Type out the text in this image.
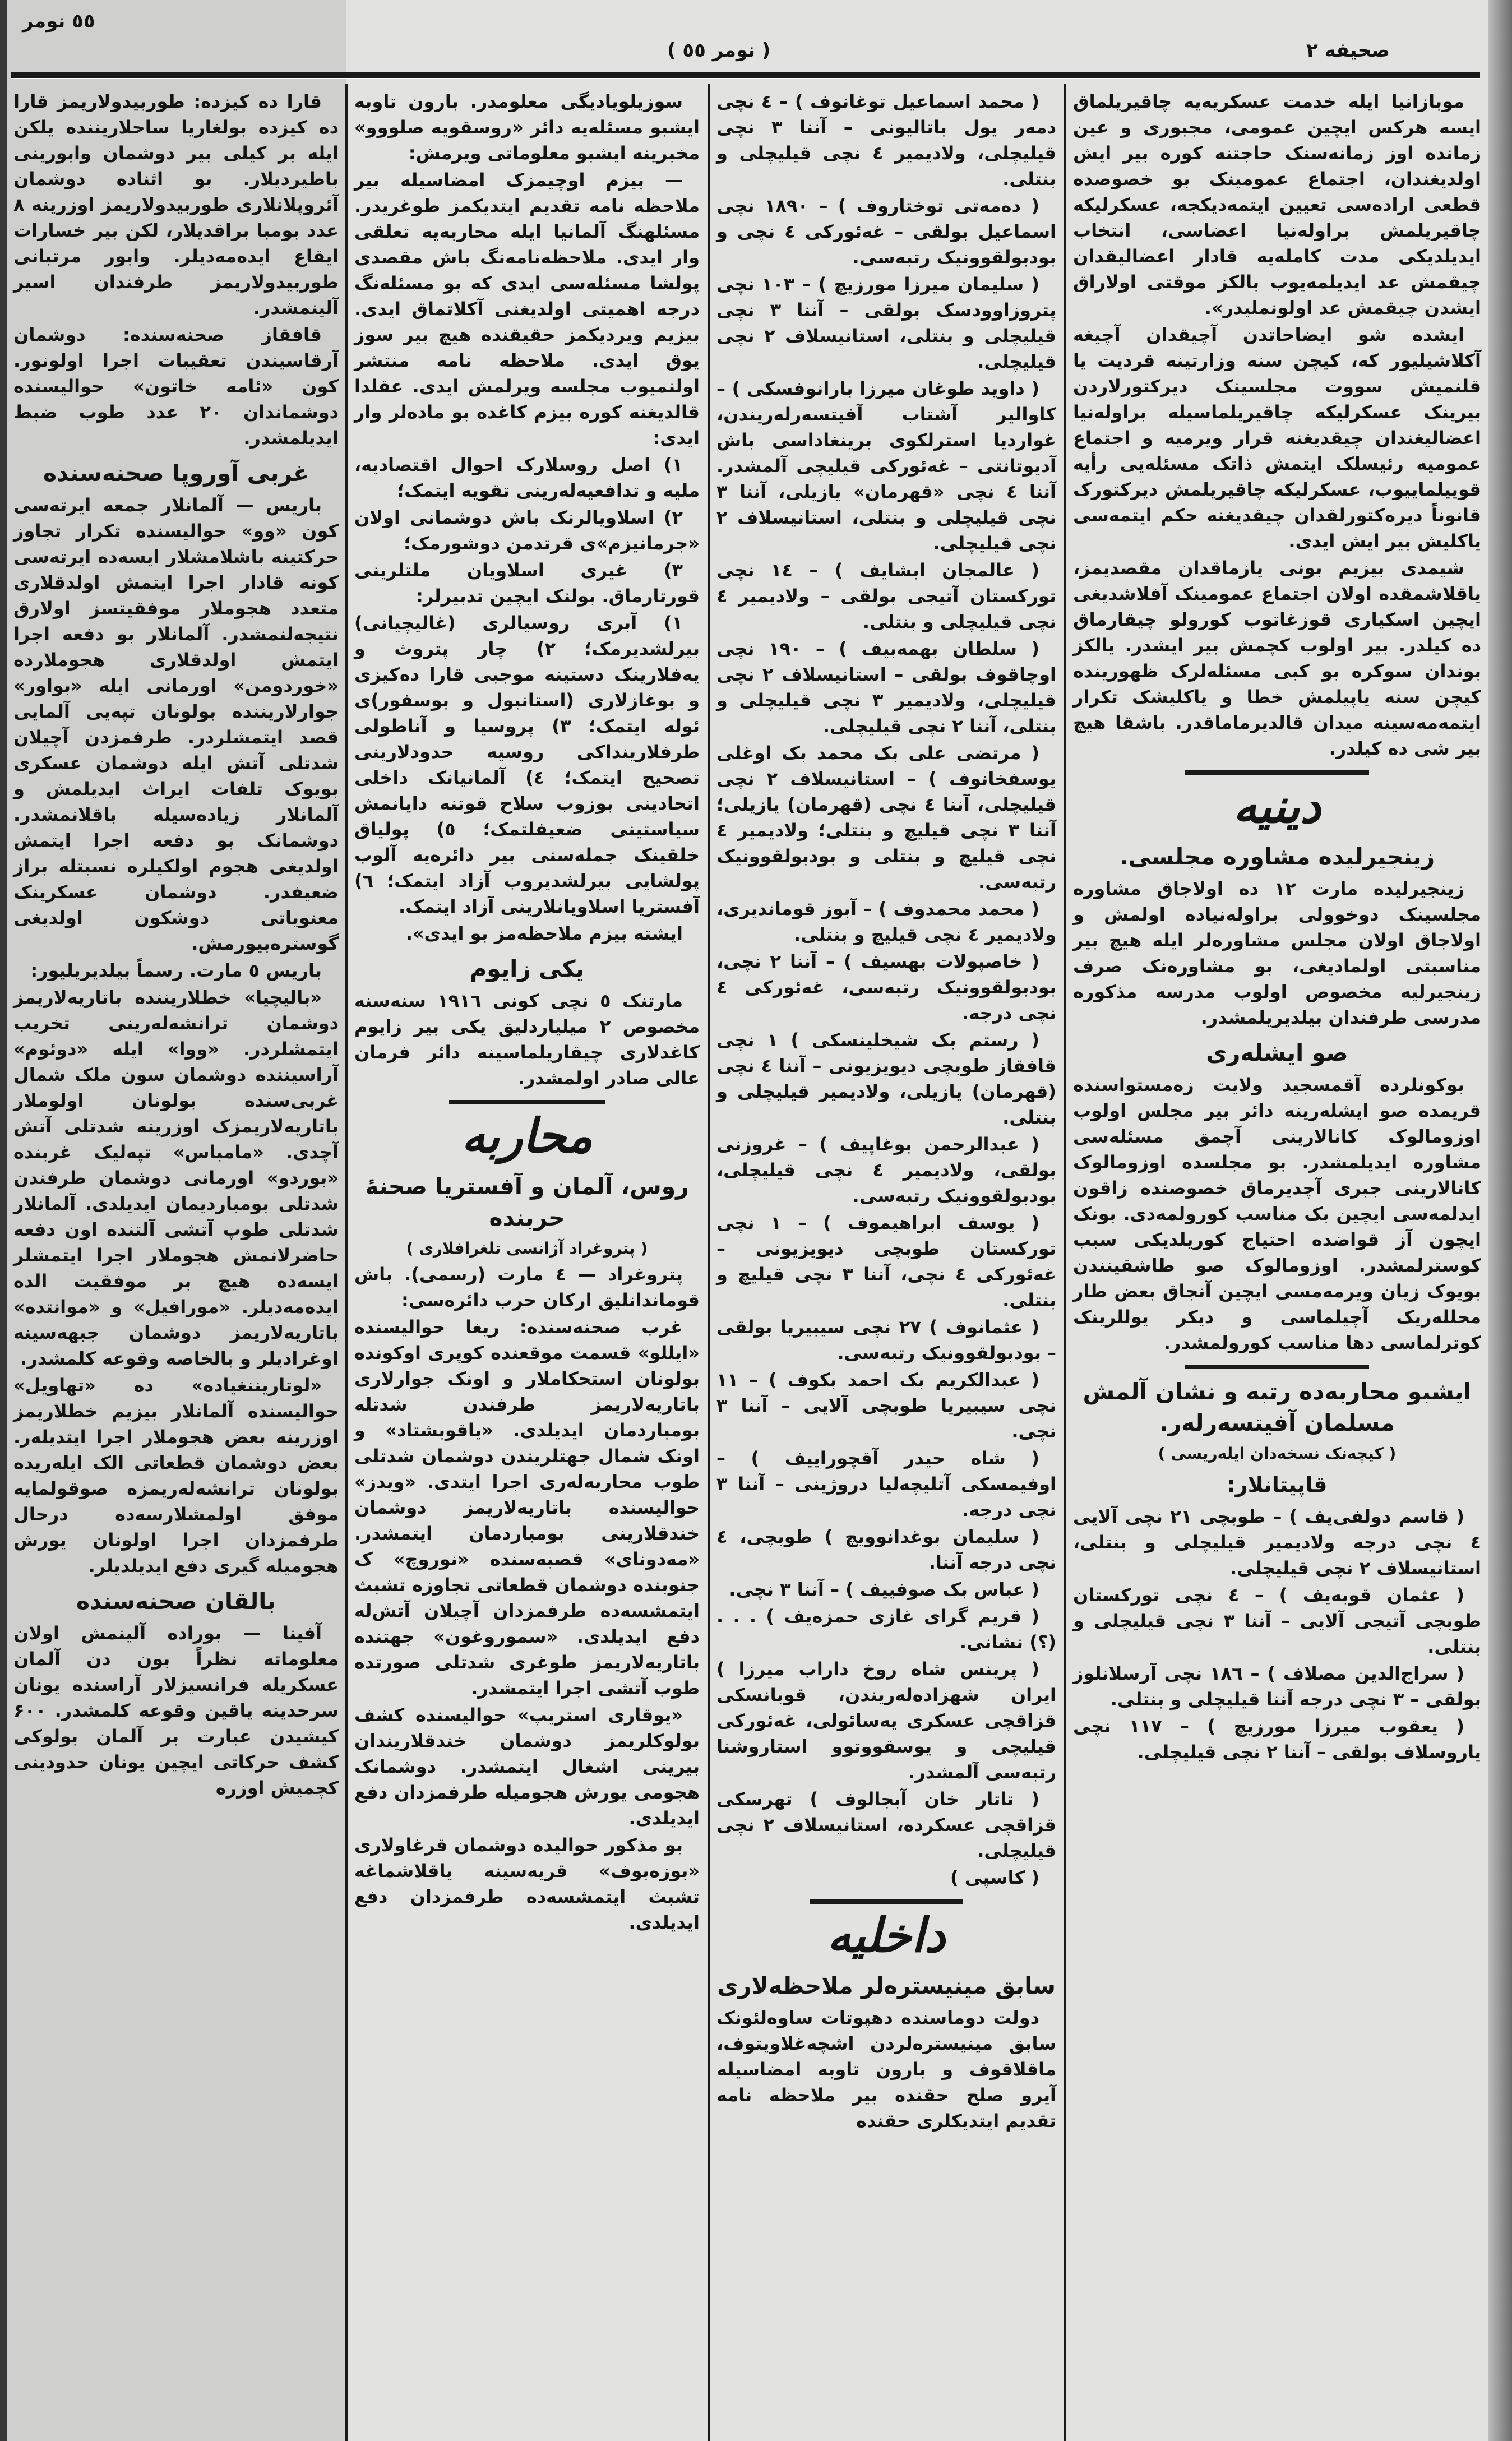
٥٥ نومر
( نومر ٥٥ )	صحیفه ۲

قارا ده کیزده: طوربیدولاریمز قارا ده کیزده بولغاریا ساحلاریننده یلکن ایله بر کیلی بیر دوشمان وابورینی باطیردیلار. بو اثناده دوشمان آئروپلانلاری طوربیدولاریمز اوزرینه ۸ عدد بومبا براقدیلار، لکن بیر خسارات ایقاع ایده‌مه‌دیلر. وابور مرتبانی طوربیدولاریمز طرفندان اسیر آلینمشدر.

قافقاز صحنه‌سنده: دوشمان آرقاسیندن تعقیبات اجرا اولونور. کون «ئامه خاتون» حوالیسنده دوشماندان ۲۰ عدد طوب ضبط ایدیلمشدر.

غربی آوروپا صحنه‌سنده

باریس — آلمانلار جمعه ایرته‌سی کون «وو» حوالیسنده تکرار تجاوز حرکتینه باشلامشلار ایسه‌ده ایرته‌سی کونه قادار اجرا ایتمش اولدقلاری متعدد هجوملار موفقیتسز اولارق نتیجه‌لنمشدر. آلمانلار بو دفعه اجرا ایتمش اولدقلاری هجوملارده «خوردومن» اورمانی ایله «بواور» جوارلاریننده بولونان تپه‌یی آلمایی قصد ایتمشلردر. طرفمزدن آچیلان شدتلی آتش ایله دوشمان عسکری بویوک تلفات ایراث ایدیلمش و آلمانلار زیاده‌سیله باقلانمشدر. دوشمانک بو دفعه اجرا ایتمش اولدیغی هجوم اولکیلره نسبتله براز ضعیفدر. دوشمان عسکرینک معنویاتی دوشکون اولدیغی گوستره‌بیورمش.

باریس ٥ مارت. رسماً بیلدیریلیور:

«بالیچیا» خطلاریننده باتاریه‌لاریمز دوشمان ترانشه‌له‌رینی تخریب ایتمشلردر. «ووا» ایله «دوئوم» آراسیننده دوشمان سون ملک شمال غربی‌سنده بولونان اولوملار باتاریه‌لاریمزک اوزرینه شدتلی آتش آچدی. «مامباس» تپه‌لیک غربنده «بوردو» اورمانی دوشمان طرفندن شدتلی بومباردیمان ایدیلدی. آلمانلار شدتلی طوپ آتشی آلتنده اون دفعه حاضرلانمش هجوملار اجرا ایتمشلر ایسه‌ده هیچ بر موفقیت الده ایده‌مه‌دیلر. «مورافیل» و «موانتده» باتاریه‌لاریمز دوشمان جبهه‌سینه اوغرادیلر و بالخاصه وقوعه کلمشدر.

«لوتاریننغیاده» ده «تهاویل» حوالیسنده آلمانلار بیزیم خطلاریمز اوزرینه بعض هجوملار اجرا ایتدیله‌ر. بعض دوشمان قطعاتی الک ایله‌ریده بولونان ترانشه‌له‌ریمزه صوقولمایه موفق اولمشلارسه‌ده درحال طرفمزدان اجرا اولونان یورش هجومیله گیری دفع ایدیلدیلر.

بالقان صحنه‌سنده

آفینا — بوراده آلینمش اولان معلوماته نظراً بون دن آلمان عسکریله فرانسیزلار آراسنده یونان سرحدینه یاقین وقوعه کلمشدر. ۶۰۰ کیشیدن عبارت بر آلمان بولوکی کشف حرکاتی ایچین یونان حدودینی کچمیش اوزره

سوزیلویادیگی معلومدر. بارون تاوبه ایشبو مسئله‌یه دائر «روسقویه صلووو» مخبرینه ایشبو معلوماتی ویرمش:

— بیزم اوچیمزک امضاسیله بیر ملاحظه نامه تقدیم ایتدیکمز طوغریدر. مسئلهنگ آلمانیا ایله محاربه‌یه تعلقی وار ایدی. ملاحظه‌نامه‌نگ باش مقصدی پولشا مسئله‌سی ایدی که بو مسئله‌نگ درجه اهمیتی اولدیغنی آکلاتماق ایدی. بیزیم ویردیکمز حقیقنده هیچ بیر سوز یوق ایدی. ملاحظه نامه منتشر اولنمیوب مجلسه ویرلمش ایدی. عقلدا قالدیغنه کوره بیزم کاغده بو ماده‌لر وار ایدی:

۱) اصل روسلارک احوال اقتصادیه، ملیه و تدافعیه‌له‌رینی تقویه ایتمک؛

۲) اسلاویالرنک باش دوشمانی اولان «جرمانیزم»ی قرتدمن دوشورمک؛

۳) غیری اسلاویان ملتلرینی قورتارماق. بولنک ایچین تدبیرلر:

۱) آبری روسیالری (غالیچیانی) بیرلشدیرمک؛ ۲) چار پتروث و یه‌فلارینک دستینه موجبی قارا ده‌کیزی و بوغازلاری (استانبول و بوسفور)ی ئوله ایتمک؛ ۳) پروسیا و آناطولی طرفلاریندا‌کی روسیه حدودلارینی تصحیح ایتمک؛ ٤) آلمانیانک داخلی اتحادینی بوزوب سلاح قوتنه دایانمش سیاستینی ضعیفلتمک؛ ٥) پولیاق خلقینک جمله‌سنی بیر دائره‌یه آلوب پولشایی بیرلشدیروب آزاد ایتمک؛ ٦) آفستریا اسلاویانلارینی آزاد ایتمک.

ایشته بیزم ملاحظه‌مز بو ایدی».

یکی زایوم

مارتنک ٥ نچی کونی ۱۹۱٦ سنه‌سنه مخصوص ۲ میلیاردلیق یکی بیر زایوم کاغدلاری چیقاریلماسینه دائر فرمان عالی صادر اولمشدر.

محاربه

روس، آلمان و آفستریا صحنهٔ حربنده

( پتروغراد آژانسی تلغرافلاری )

پتروغراد — ٤ مارت (رسمی). باش قوماندانلیق ارکان حرب دائره‌سی:

غرب صحنه‌سنده: ریغا حوالیسنده «ایللو» قسمت موقعنده کوپری اوکونده بولونان استحکاملار و اونک جوارلاری باتاریه‌لاریمز طرفندن شدتله بومباردمان ایدیلدی. «یاقوبشتاد» و اونک شمال جهتلریندن دوشمان شدتلی طوب محاربه‌له‌ری اجرا ایتدی. «ویدز» حوالیسنده باتاریه‌لاریمز دوشمان خندقلارینی بومباردمان ایتمشدر. «مه‌دونای» قصبه‌سنده «نوروچ» ک جنوبنده دوشمان قطعاتی تجاوزه تشبث ایتمشسه‌ده طرفمزدان آچیلان آتش‌له دفع ایدیلدی. «سموروغون» جهتنده باتاریه‌لاریمز طوغری شدتلی صورتده طوب آتشی اجرا ایتمشدر.

«یوقاری استریپ» حوالیسنده کشف بولوکلریمز دوشمان خندقلاریندان بیرینی اشغال ایتمشدر. دوشمانک هجومی یورش هجومیله طرفمزدان دفع ایدیلدی.

بو مذکور حوالیده دوشمان قرغاولاری «بوزه‌بوف» قریه‌سینه یاقلاشماغه تشبث ایتمشسه‌ده طرفمزدان دفع ایدیلدی.

( محمد اسماعیل توغانوف ) – ٤ نچی دمه‌ر یول باتالیونی – آننا ۳ نچی قیلیچلی، ولادیمیر ٤ نچی قیلیچلی و بنتلی.

( ده‌مه‌تی توختاروف ) – ۱۸۹۰ نچی اسماعیل بولقی – غه‌ئورکی ٤ نچی و بودبولقوونیک رتبه‌سی.

( سلیمان میرزا مورزیچ ) – ۱۰۳ نچی پتروزاوودسک بولقی – آننا ۳ نچی قیلیچلی و بنتلی، استانیسلاف ۲ نچی قیلیچلی.

( داوید طوغان میرزا بارانوفسکی ) – کاوالیر آشتاب آفیتسه‌رله‌ریندن، غواردیا استرلکوی برینغاداسی باش آدیوتانتی – غه‌ئورکی قیلیچی آلمشدر. آننا ٤ نچی «قهرمان» یازیلی، آننا ۳ نچی قیلیچلی و بنتلی، استانیسلاف ۲ نچی قیلیچلی.

( عالمجان ابشایف ) – ۱٤ نچی تورکستان آتیجی بولقی – ولادیمیر ٤ نچی قیلیچلی و بنتلی.

( سلطان بهمه‌بیف ) – ۱۹۰ نچی اوچاقوف بولقی – استانیسلاف ۲ نچی قیلیچلی، ولادیمیر ۳ نچی قیلیچلی و بنتلی، آننا ۲ نچی قیلیچلی.

( مرتضی علی بک محمد بک اوغلی یوسفخانوف ) – استانیسلاف ۲ نچی قیلیچلی، آننا ٤ نچی (قهرمان) یازیلی؛ آننا ۳ نچی قیلیچ و بنتلی؛ ولادیمیر ٤ نچی قیلیچ و بنتلی و بودبولقوونیک رتبه‌سی.

( محمد محمدوف ) – آبوز قوماندیری، ولادیمیر ٤ نچی قیلیچ و بنتلی.

( خاصپولات بهسیف ) – آننا ۲ نچی، بودبولقوونیک رتبه‌سی، غه‌ئورکی ٤ نچی درجه.

( رستم بک شیخلینسکی ) ۱ نچی قافقاز طوبچی دیویزیونی – آننا ٤ نچی (قهرمان) یازیلی، ولادیمیر قیلیچلی و بنتلی.

( عبدالرحمن بوغاپیف ) – غروزنی بولقی، ولادیمیر ٤ نچی قیلیچلی، بودبولقوونیک رتبه‌سی.

( یوسف ابراهیموف ) – ۱ نچی تورکستان طوبچی دیویزیونی – غه‌ئورکی ٤ نچی، آننا ۳ نچی قیلیچ و بنتلی.

( عثمانوف ) ۲۷ نچی سیبیریا بولقی – بودبولقوونیک رتبه‌سی.

( عبدالکریم بک احمد بکوف ) – ۱۱ نچی سیبیریا طوبچی آلایی – آننا ۳ نچی.

( شاه حیدر آقچوراییف ) – اوفیمسکی آتلیچه‌لیا دروژینی – آننا ۳ نچی درجه.

( سلیمان بوغدانوویچ ) طوبچی، ٤ نچی درجه آننا.

( عباس بک صوفییف ) – آننا ۳ نچی.

( قریم گرای غازی حمزه‌یف ) . . . (؟) نشانی.

( پرینس شاه روخ داراب میرزا ) ایران شهزاده‌له‌ریندن، قوبانسکی قزاقچی عسکری یه‌سائولی، غه‌ئورکی قیلیچی و یوسقووتوو استاروشنا رتبه‌سی آلمشدر.

( تاتار خان آبجالوف ) تهرسکی قزاقچی عسکرده، استانیسلاف ۲ نچی قیلیچلی.

( کاسپی )

داخلیه

سابق مینیستره‌لر ملاحظه‌لاری

دولت دوماسنده دهپوتات ساوه‌لئونک سابق مینیستره‌لردن اشچه‌غلاویتوف، ماقلاقوف و بارون تاوبه امضاسیله آیرو صلح حقنده بیر ملاحظه نامه تقدیم ایتدیکلری حقنده

موبازانیا ایله خدمت عسکریه‌یه چاقیریلماق ایسه هرکس ایچین عمومی، مجبوری و عین زمانده اوز زمانه‌سنک حاجتنه کوره بیر ایش اولدیغندان، اجتماع عمومینک بو خصوصده قطعی اراده‌سی تعیین ایتمه‌دیکجه، عسکرلیکه چاقیریلمش براوله‌نیا اعضاسی، انتخاب ایدیلدیکی مدت کامله‌یه قادار اعضالیقدان چیقمش عد ایدیلمه‌یوب بالکز موقتی اولاراق ایشدن چیقمش عد اولونملیدر».

ایشده شو ایضاحاتدن آچیقدان آچیغه آکلاشیلیور که، کیچن سنه وزارتینه قردیت یا قلنمیش سووت مجلسینک دیرکتورلاردن بیرینک عسکرلیکه چاقیریلماسیله براوله‌نیا اعضالیغندان چیقدیغنه قرار ویرمیه و اجتماع عمومیه رئیسلک ایتمش ذاتک مسئله‌یی رأیه قوییلماییوب، عسکرلیکه چاقیریلمش دیرکتورک قانوناً دیره‌کتورلقدان چیقدیغنه حکم ایتمه‌سی یاکلیش بیر ایش ایدی.

شیمدی بیزیم بونی یازماقدان مقصدیمز، یاقلاشمقده اولان اجتماع عمومینک آفلاشدیغی ایچین اسکیاری قوزغاتوب کورولو چیقارماق ده کیلدر. بیر اولوب کچمش بیر ایشدر. یالکز بوندان سوکره بو کبی مسئله‌لرک ظهورینده کیچن سنه یاپیلمش خطا و یاکلیشک تکرار ایتمه‌مه‌سینه میدان قالدیرماماقدر. باشقا هیچ بیر شی ده کیلدر.

دینیه

زینجیرلیده مشاوره مجلسی.

زینجیرلیده مارت ۱۲ ده اولاجاق مشاوره مجلسینک دوخوولی براوله‌نیاده اولمش و اولاجاق اولان مجلس مشاوره‌لر ایله هیچ بیر مناسبتی اولمادیغی، بو مشاوره‌نک صرف زینجیرلیه مخصوص اولوب مدرسه مذکوره مدرسی طرفندان بیلدیریلمشدر.

صو ایشله‌ری

بوکونلرده آقمسجید ولایت زه‌مستواسنده قریمده صو ایشله‌رینه دائر بیر مجلس اولوب اوزومالوک کانالارینی آچمق مسئله‌سی مشاوره ایدیلمشدر. بو مجلسده اوزومالوک کانالارینی جبری آچدیرماق خصوصنده زاقون ایدلمه‌سی ایچین بک مناسب کورولمه‌دی. بونک ایچون آز قواضده احتیاج کوریلدیکی سبب کوسترلمشدر. اوزومالوک صو طاشقینندن بویوک زیان ویرمه‌مسی ایچین آنجاق بعض طار محلله‌ریک آچیلماسی و دیکر یوللرینک کوترلماسی دها مناسب کورولمشدر.

ایشبو محاربه‌ده رتبه و نشان آلمش مسلمان آفیتسه‌رله‌ر.

( کیچه‌نک نسخه‌دان ایله‌ریسی )

قاپیتانلار:

( قاسم دولفی‌یف ) – طوبچی ۲۱ نچی آلایی ٤ نچی درجه ولادیمیر قیلیچلی و بنتلی، استانیسلاف ۲ نچی قیلیچلی.

( عثمان قوبه‌یف ) – ٤ نچی تورکستان طوبچی آتیجی آلایی – آننا ۳ نچی قیلیچلی و بنتلی.

( سراج‌الدین مصلاف ) – ۱۸٦ نچی آرسلانلوز بولقی – ۳ نچی درجه آننا قیلیچلی و بنتلی.

( یعقوب میرزا مورزیچ ) – ۱۱۷ نچی یاروسلاف بولقی – آننا ۲ نچی قیلیچلی.
